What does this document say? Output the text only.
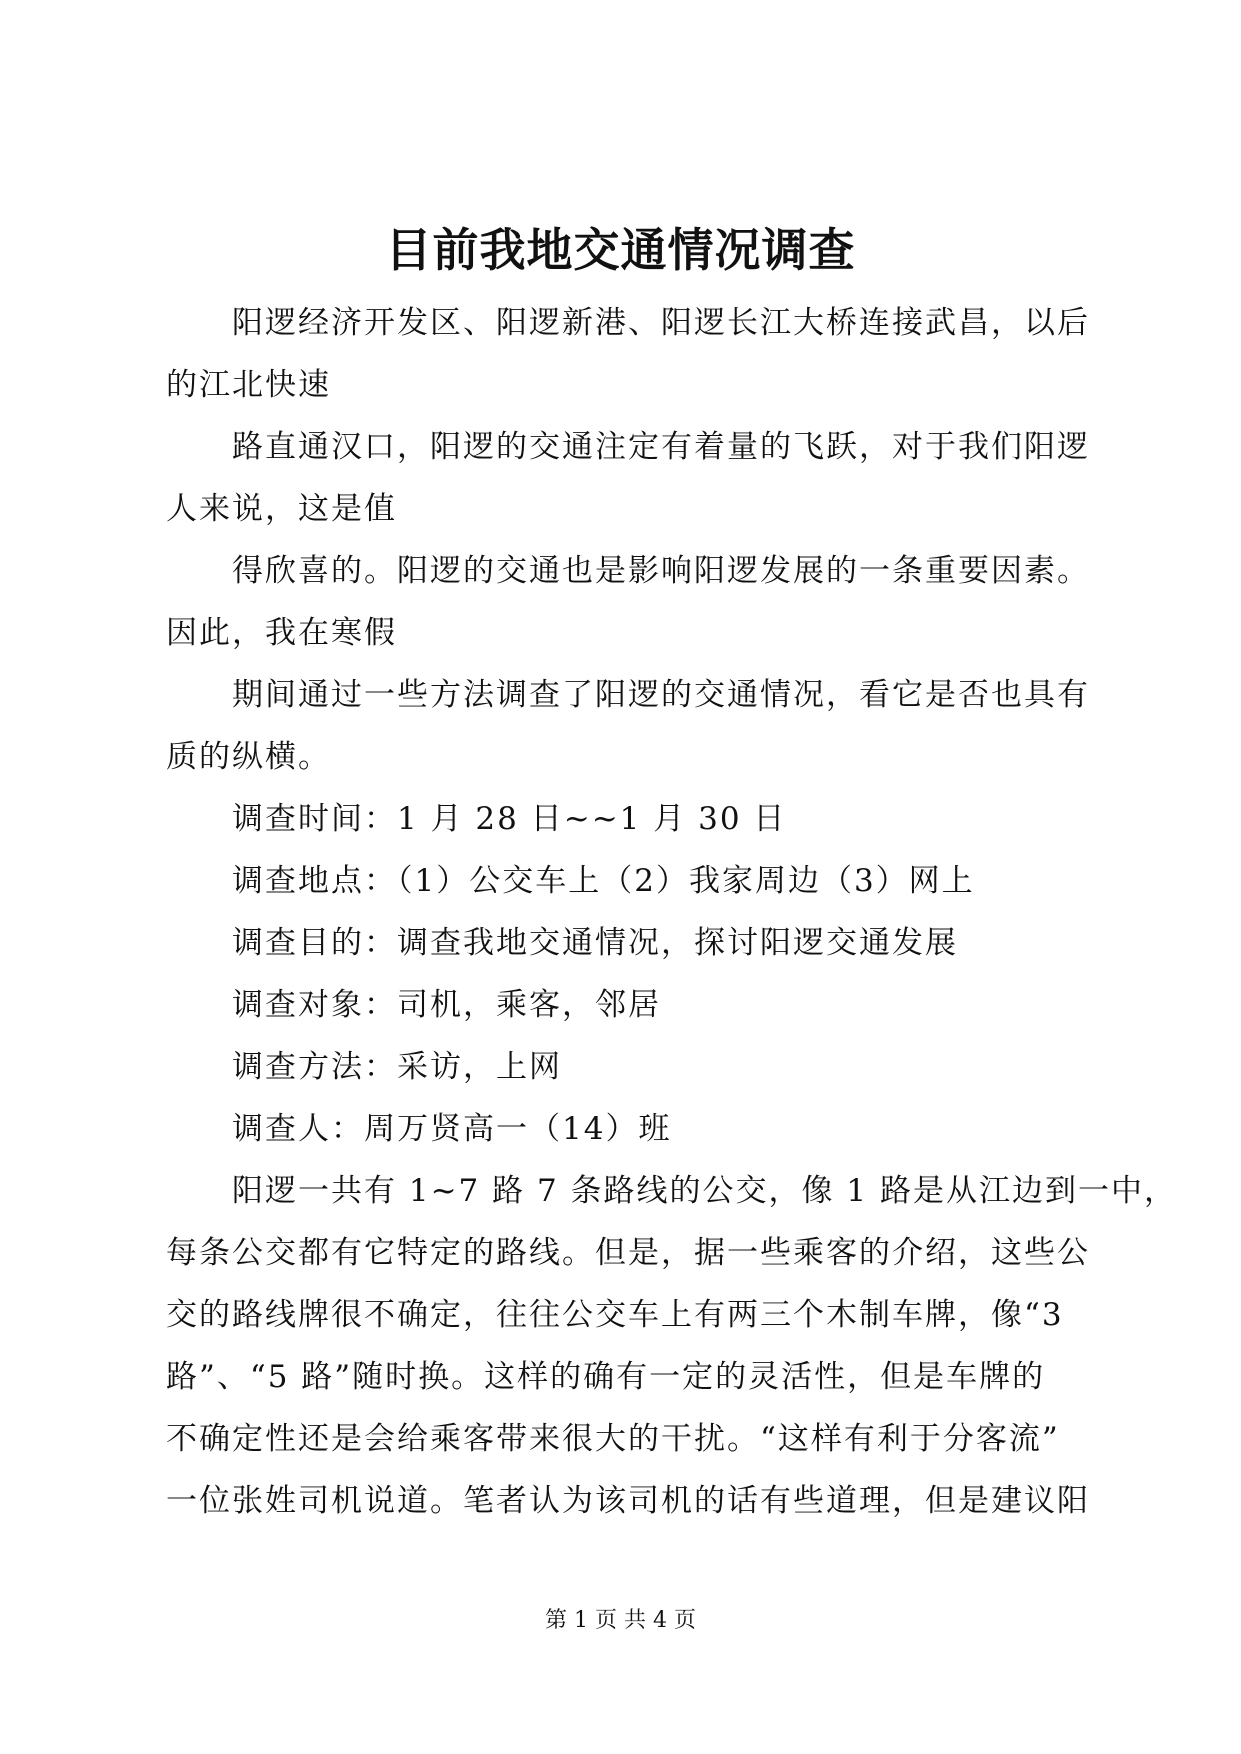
目前我地交通情况调查
阳逻经济开发区、阳逻新港、阳逻长江大桥连接武昌，以后
的江北快速
路直通汉口，阳逻的交通注定有着量的飞跃，对于我们阳逻
人来说，这是值
得欣喜的。阳逻的交通也是影响阳逻发展的一条重要因素。
因此，我在寒假
期间通过一些方法调查了阳逻的交通情况，看它是否也具有
质的纵横。
调查时间：1 月 28 日~~1 月 30 日
调查地点：（1）公交车上（2）我家周边（3）网上
调查目的：调查我地交通情况，探讨阳逻交通发展
调查对象：司机，乘客，邻居
调查方法：采访，上网
调查人：周万贤高一（14）班
阳逻一共有 1~7 路 7 条路线的公交，像 1 路是从江边到一中，
每条公交都有它特定的路线。但是，据一些乘客的介绍，这些公
交的路线牌很不确定，往往公交车上有两三个木制车牌，像“3
路”、“5 路”随时换。这样的确有一定的灵活性，但是车牌的
不确定性还是会给乘客带来很大的干扰。“这样有利于分客流”
一位张姓司机说道。笔者认为该司机的话有些道理，但是建议阳
第 1 页 共 4 页
